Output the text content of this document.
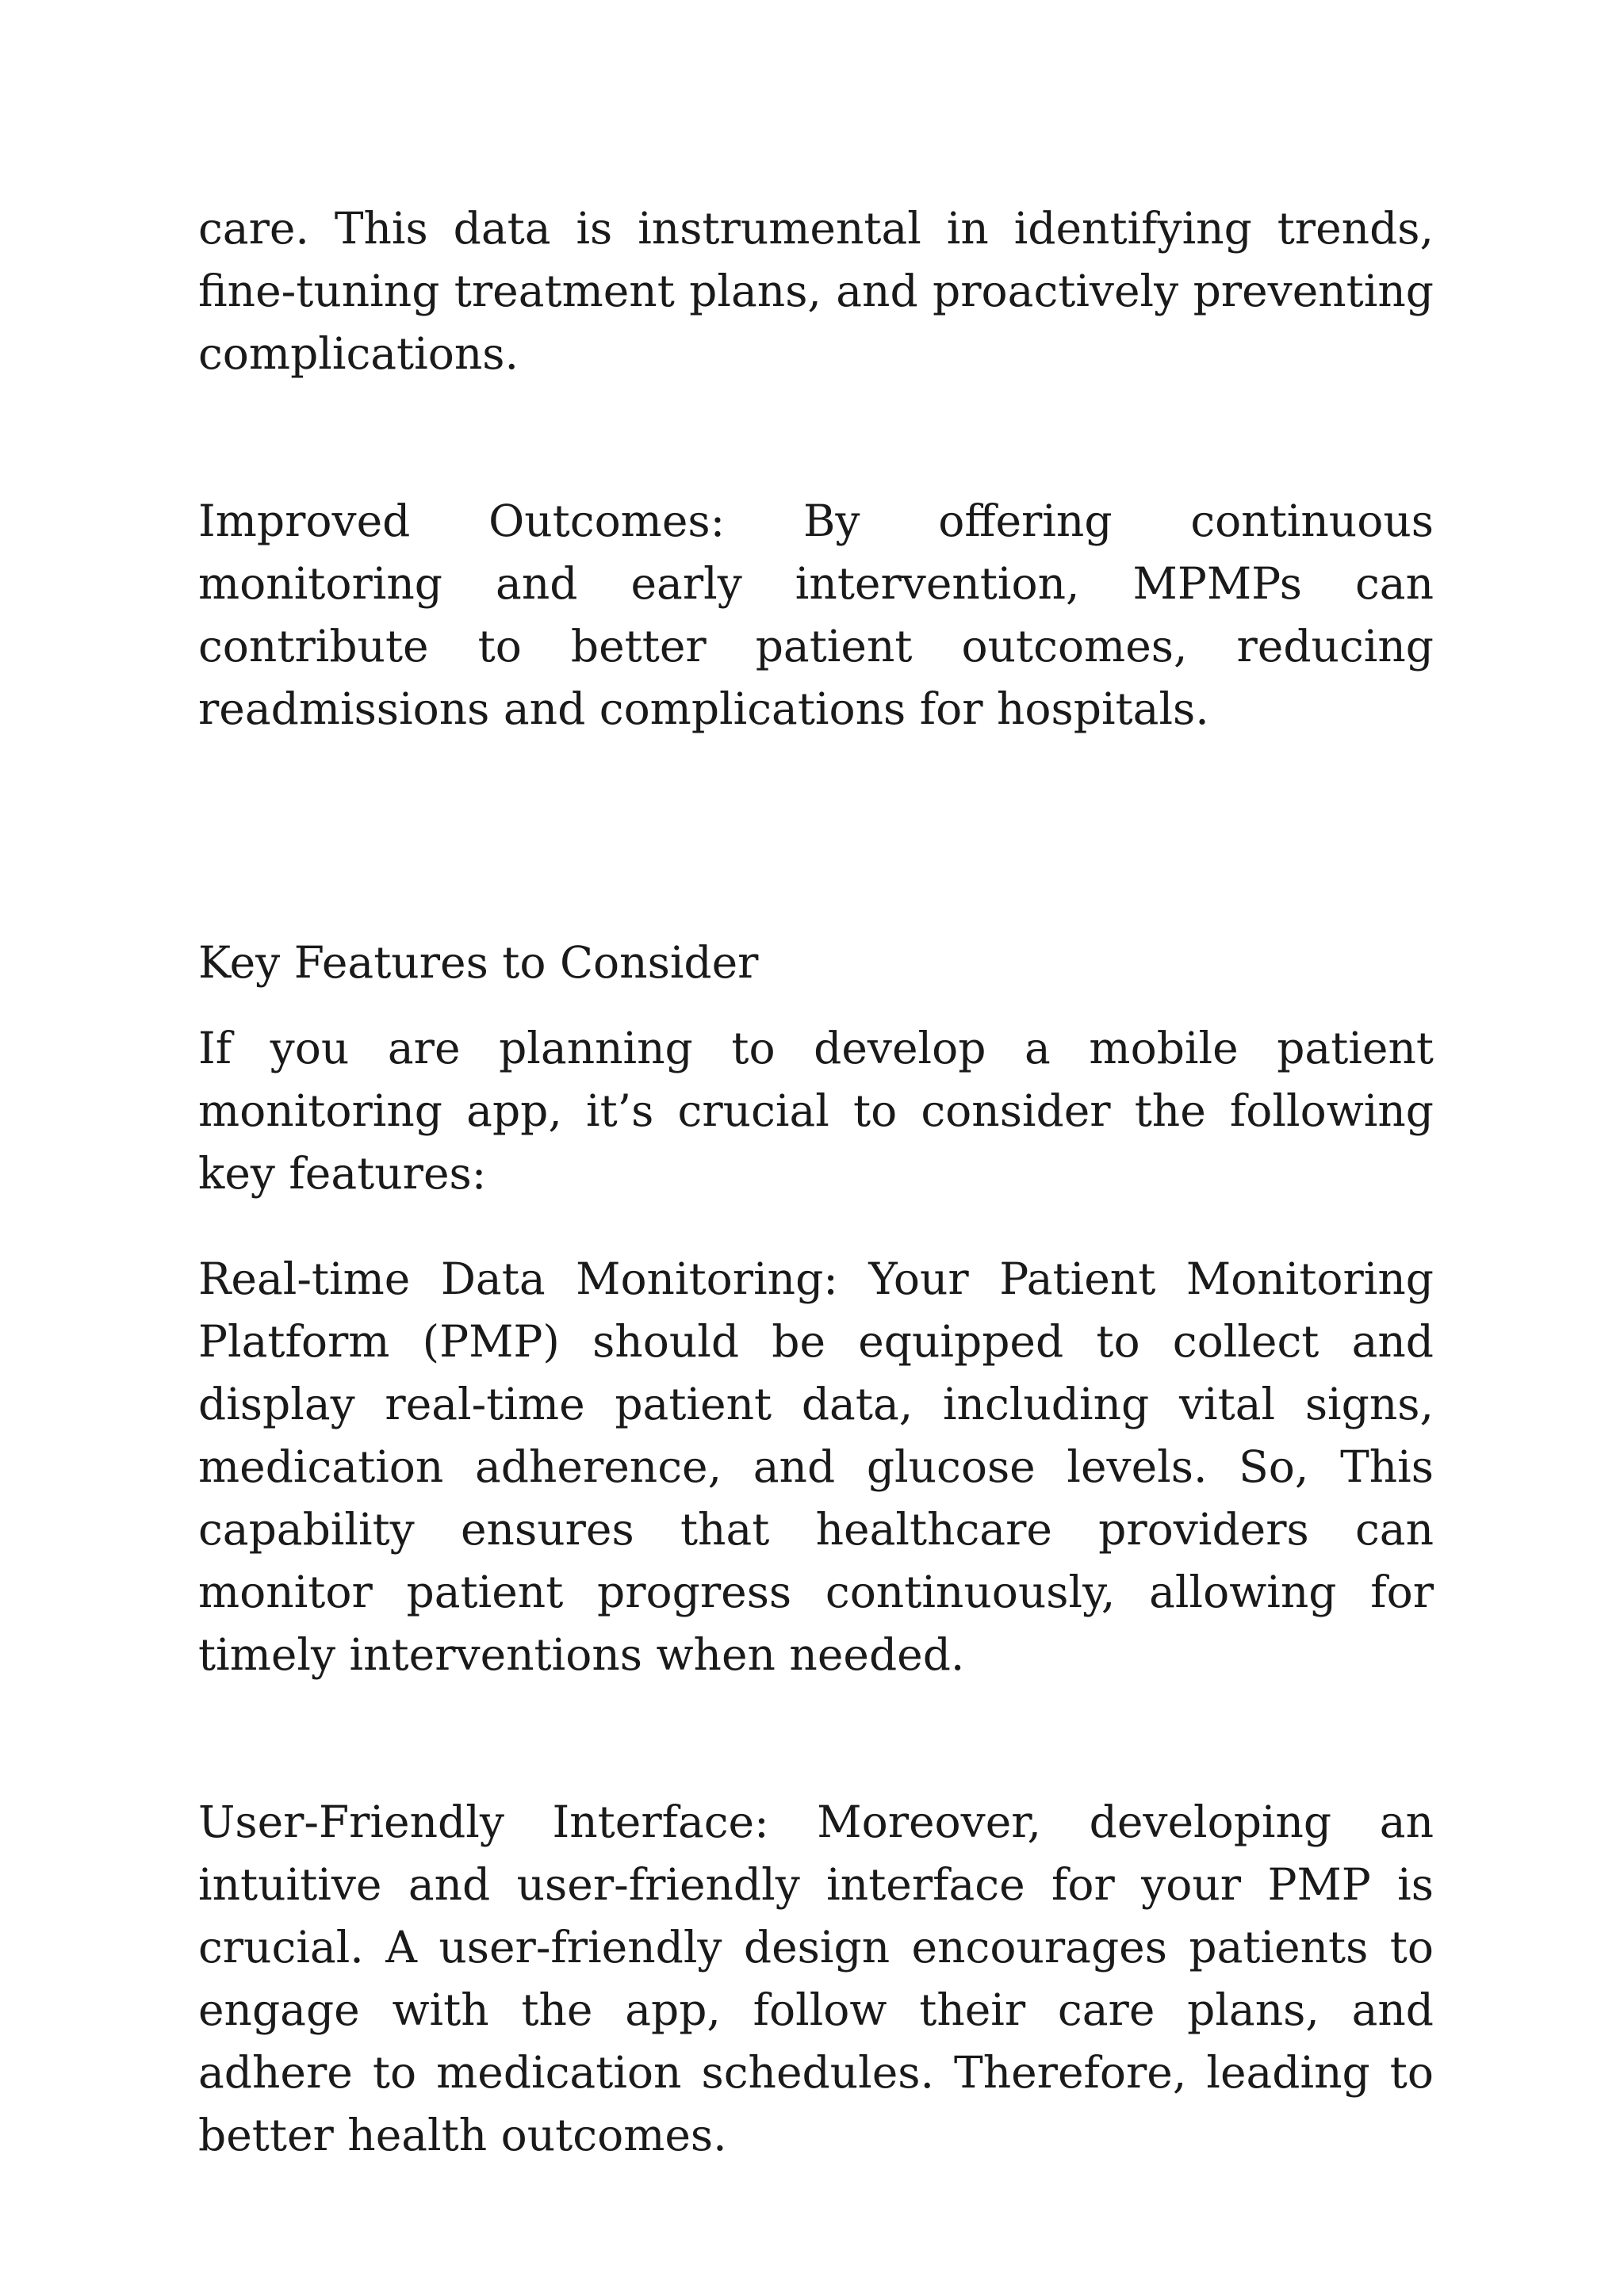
care. This data is instrumental in identifying trends, fine-tuning treatment plans, and proactively preventing complications.

Improved Outcomes: By offering continuous monitoring and early intervention, MPMPs can contribute to better patient outcomes, reducing readmissions and complications for hospitals.

Key Features to Consider

If you are planning to develop a mobile patient monitoring app, it’s crucial to consider the following key features:

Real-time Data Monitoring: Your Patient Monitoring Platform (PMP) should be equipped to collect and display real-time patient data, including vital signs, medication adherence, and glucose levels. So, This capability ensures that healthcare providers can monitor patient progress continuously, allowing for timely interventions when needed.

User-Friendly Interface: Moreover, developing an intuitive and user-friendly interface for your PMP is crucial. A user-friendly design encourages patients to engage with the app, follow their care plans, and adhere to medication schedules. Therefore, leading to better health outcomes.
